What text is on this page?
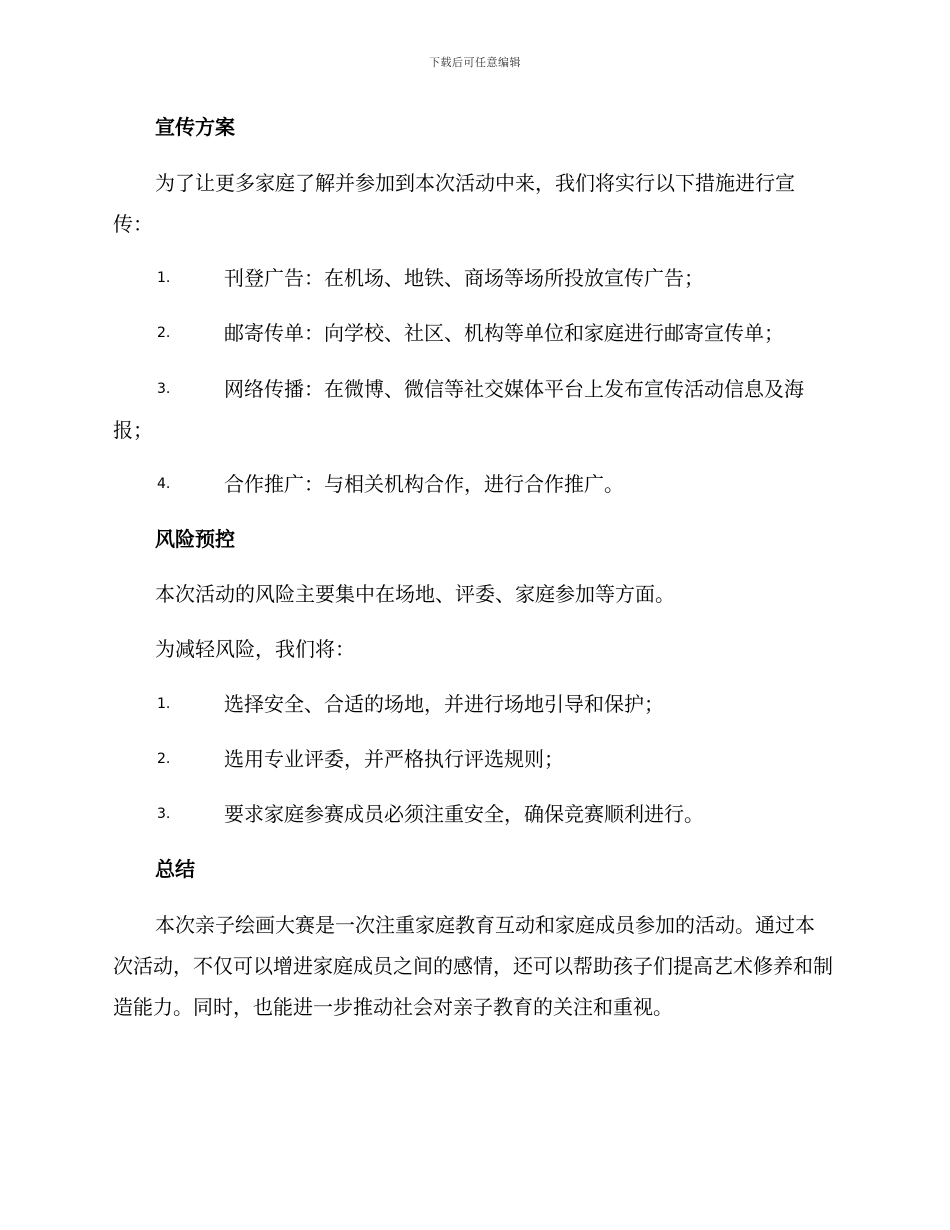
下载后可任意编辑
宣传方案
为了让更多家庭了解并参加到本次活动中来，我们将实行以下措施进行宣传：
1.	刊登广告：在机场、地铁、商场等场所投放宣传广告；
2.	邮寄传单：向学校、社区、机构等单位和家庭进行邮寄宣传单；
3.	网络传播：在微博、微信等社交媒体平台上发布宣传活动信息及海报；
4.	合作推广：与相关机构合作，进行合作推广。
风险预控
本次活动的风险主要集中在场地、评委、家庭参加等方面。
为减轻风险，我们将：
1.	选择安全、合适的场地，并进行场地引导和保护；
2.	选用专业评委，并严格执行评选规则；
3.	要求家庭参赛成员必须注重安全，确保竞赛顺利进行。
总结
本次亲子绘画大赛是一次注重家庭教育互动和家庭成员参加的活动。通过本次活动，不仅可以增进家庭成员之间的感情，还可以帮助孩子们提高艺术修养和制造能力。同时，也能进一步推动社会对亲子教育的关注和重视。
